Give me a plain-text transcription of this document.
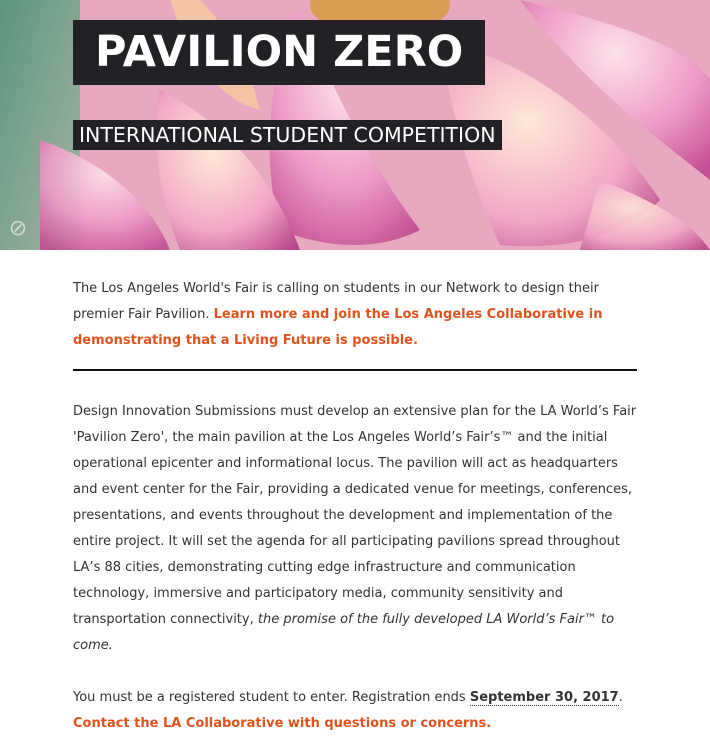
PAVILION ZERO
INTERNATIONAL STUDENT COMPETITION
⊘

The Los Angeles World's Fair is calling on students in our Network to design their premier Fair Pavilion. Learn more and join the Los Angeles Collaborative in demonstrating that a Living Future is possible.

Design Innovation Submissions must develop an extensive plan for the LA World’s Fair 'Pavilion Zero', the main pavilion at the Los Angeles World’s Fair’s™ and the initial operational epicenter and informational locus. The pavilion will act as headquarters and event center for the Fair, providing a dedicated venue for meetings, conferences, presentations, and events throughout the development and implementation of the entire project. It will set the agenda for all participating pavilions spread throughout LA’s 88 cities, demonstrating cutting edge infrastructure and communication technology, immersive and participatory media, community sensitivity and transportation connectivity, the promise of the fully developed LA World’s Fair™ to come.

You must be a registered student to enter. Registration ends September 30, 2017.
Contact the LA Collaborative with questions or concerns.
